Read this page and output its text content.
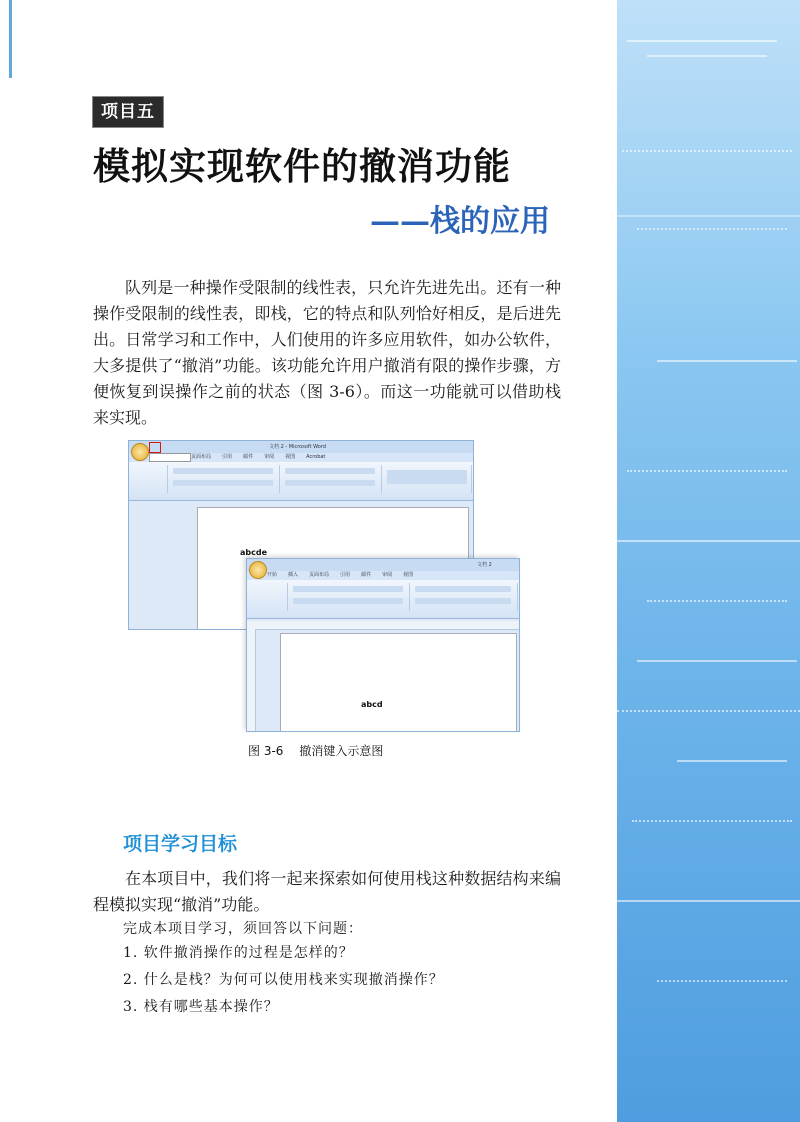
项目五
模拟实现软件的撤消功能
——栈的应用

队列是一种操作受限制的线性表，只允许先进先出。还有一种操作受限制的线性表，即栈，它的特点和队列恰好相反，是后进先出。日常学习和工作中，人们使用的许多应用软件，如办公软件，大多提供了“撤消”功能。该功能允许用户撤消有限的操作步骤，方便恢复到误操作之前的状态（图 3-6）。而这一功能就可以借助栈来实现。

文档 2 - Microsoft Word
页面布局 引用 邮件 审阅 视图 Acrobat
abcde
文档 2
开始 插入 页面布局 引用 邮件 审阅 视图
abcd
图 3-6 撤消键入示意图
项目学习目标

在本项目中，我们将一起来探索如何使用栈这种数据结构来编程模拟实现“撤消”功能。

完成本项目学习，须回答以下问题：

1. 软件撤消操作的过程是怎样的？
2. 什么是栈？为何可以使用栈来实现撤消操作？
3. 栈有哪些基本操作？
